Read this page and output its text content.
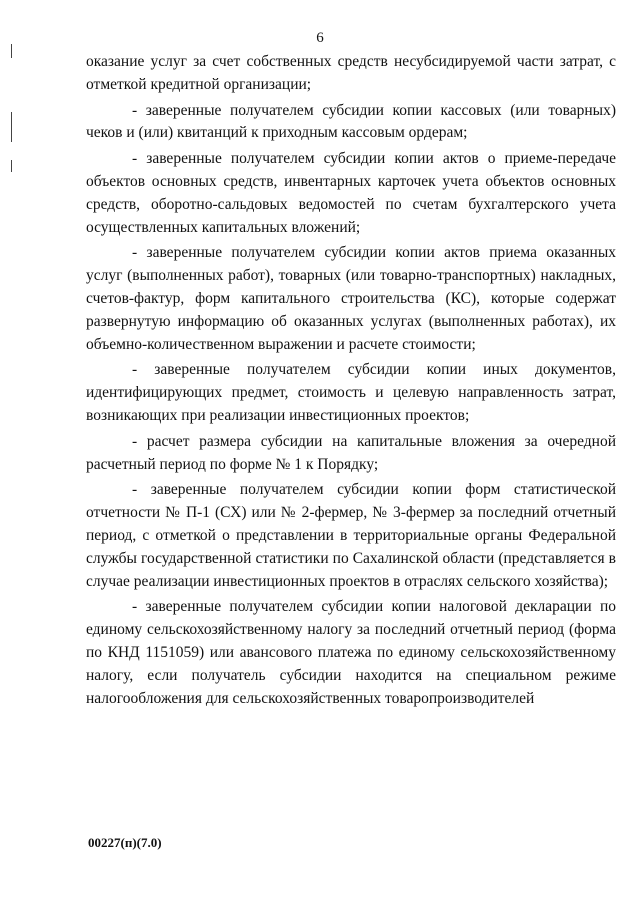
6

оказание услуг за счет собственных средств несубсидируемой части затрат, с отметкой кредитной организации;

- заверенные получателем субсидии копии кассовых (или товарных) чеков и (или) квитанций к приходным кассовым ордерам;

- заверенные получателем субсидии копии актов о приеме-передаче объектов основных средств, инвентарных карточек учета объектов основных средств, оборотно-сальдовых ведомостей по счетам бухгалтерского учета осуществленных капитальных вложений;

- заверенные получателем субсидии копии актов приема оказанных услуг (выполненных работ), товарных (или товарно-транспортных) накладных, счетов-фактур, форм капитального строительства (КС), которые содержат развернутую информацию об оказанных услугах (выполненных работах), их объемно-количественном выражении и расчете стоимости;

- заверенные получателем субсидии копии иных документов, идентифицирующих предмет, стоимость и целевую направленность затрат, возникающих при реализации инвестиционных проектов;

- расчет размера субсидии на капитальные вложения за очередной расчетный период по форме № 1 к Порядку;

- заверенные получателем субсидии копии форм статистической отчетности № П-1 (СХ) или № 2-фермер, № 3-фермер за последний отчетный период, с отметкой о представлении в территориальные органы Федеральной службы государственной статистики по Сахалинской области (представляется в случае реализации инвестиционных проектов в отраслях сельского хозяйства);

- заверенные получателем субсидии копии налоговой декларации по единому сельскохозяйственному налогу за последний отчетный период (форма по КНД 1151059) или авансового платежа по единому сельскохозяйственному налогу, если получатель субсидии находится на специальном режиме налогообложения для сельскохозяйственных товаропроизводителей

00227(п)(7.0)
